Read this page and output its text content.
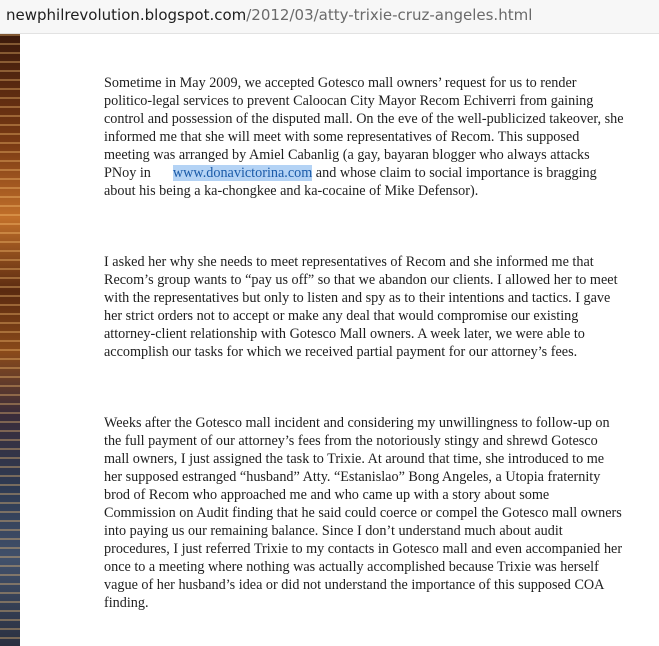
newphilrevolution.blogspot.com/2012/03/atty-trixie-cruz-angeles.html

Sometime in May 2009, we accepted Gotesco mall owners’ request for us to render politico-legal services to prevent Caloocan City Mayor Recom Echiverri from gaining control and possession of the disputed mall. On the eve of the well-publicized takeover, she informed me that she will meet with some representatives of Recom. This supposed meeting was arranged by Amiel Cabanlig (a gay, bayaran blogger who always attacks PNoy in www.donavictorina.com and whose claim to social importance is bragging about his being a ka-chongkee and ka-cocaine of Mike Defensor).

I asked her why she needs to meet representatives of Recom and she informed me that Recom’s group wants to “pay us off” so that we abandon our clients. I allowed her to meet with the representatives but only to listen and spy as to their intentions and tactics. I gave her strict orders not to accept or make any deal that would compromise our existing attorney-client relationship with Gotesco Mall owners. A week later, we were able to accomplish our tasks for which we received partial payment for our attorney’s fees.

Weeks after the Gotesco mall incident and considering my unwillingness to follow-up on the full payment of our attorney’s fees from the notoriously stingy and shrewd Gotesco mall owners, I just assigned the task to Trixie. At around that time, she introduced to me her supposed estranged “husband” Atty. “Estanislao” Bong Angeles, a Utopia fraternity brod of Recom who approached me and who came up with a story about some Commission on Audit finding that he said could coerce or compel the Gotesco mall owners into paying us our remaining balance. Since I don’t understand much about audit procedures, I just referred Trixie to my contacts in Gotesco mall and even accompanied her once to a meeting where nothing was actually accomplished because Trixie was herself vague of her husband’s idea or did not understand the importance of this supposed COA finding.
